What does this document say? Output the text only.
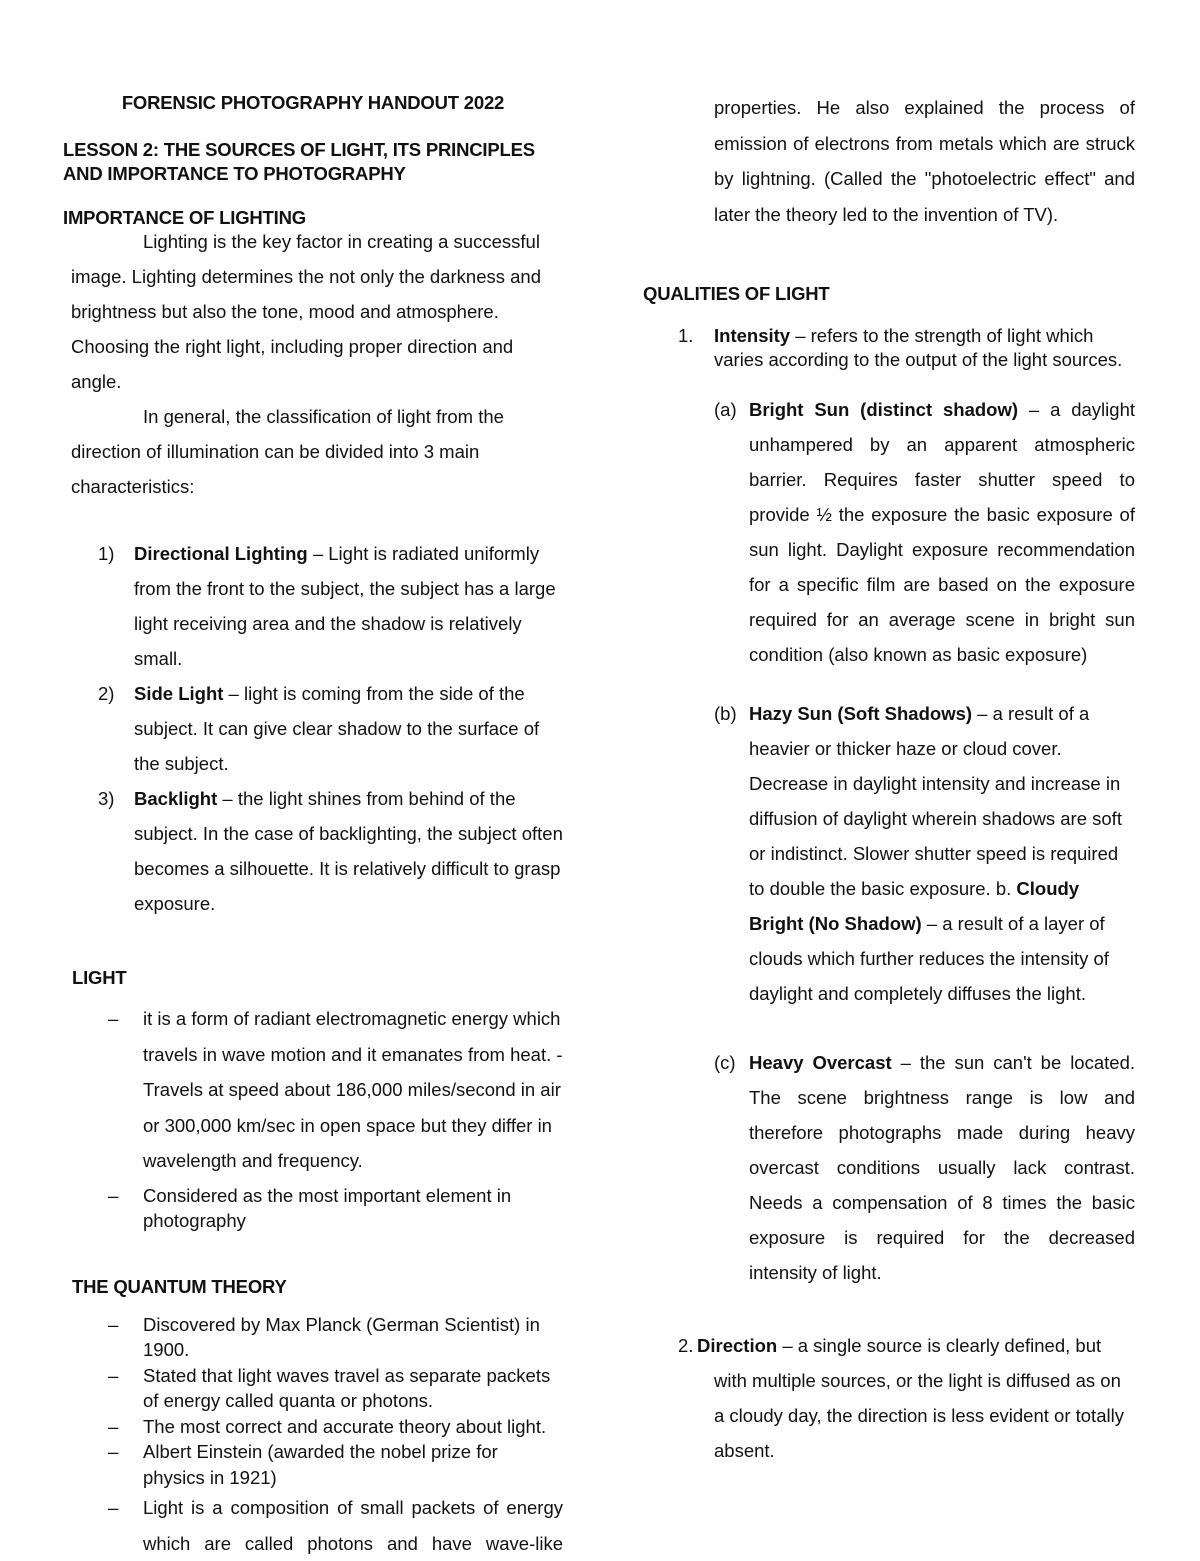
FORENSIC PHOTOGRAPHY HANDOUT 2022
LESSON 2: THE SOURCES OF LIGHT, ITS PRINCIPLES AND IMPORTANCE TO PHOTOGRAPHY
IMPORTANCE OF LIGHTING

Lighting is the key factor in creating a successful image. Lighting determines the not only the darkness and brightness but also the tone, mood and atmosphere. Choosing the right light, including proper direction and angle.

In general, the classification of light from the direction of illumination can be divided into 3 main characteristics:

1) Directional Lighting – Light is radiated uniformly from the front to the subject, the subject has a large light receiving area and the shadow is relatively small.
2) Side Light – light is coming from the side of the subject. It can give clear shadow to the surface of the subject.
3) Backlight – the light shines from behind of the subject. In the case of backlighting, the subject often becomes a silhouette. It is relatively difficult to grasp exposure.
LIGHT
– it is a form of radiant electromagnetic energy which travels in wave motion and it emanates from heat. - Travels at speed about 186,000 miles/second in air or 300,000 km/sec in open space but they differ in wavelength and frequency.
– Considered as the most important element in photography
THE QUANTUM THEORY
– Discovered by Max Planck (German Scientist) in 1900.
– Stated that light waves travel as separate packets of energy called quanta or photons.
– The most correct and accurate theory about light.
– Albert Einstein (awarded the nobel prize for physics in 1921)
– Light is a composition of small packets of energy which are called photons and have wave-like

properties. He also explained the process of emission of electrons from metals which are struck by lightning. (Called the "photoelectric effect" and later the theory led to the invention of TV).

QUALITIES OF LIGHT
1. Intensity – refers to the strength of light which varies according to the output of the light sources.
(a) Bright Sun (distinct shadow) – a daylight unhampered by an apparent atmospheric barrier. Requires faster shutter speed to provide ½ the exposure the basic exposure of sun light. Daylight exposure recommendation for a specific film are based on the exposure required for an average scene in bright sun condition (also known as basic exposure)
(b) Hazy Sun (Soft Shadows) – a result of a heavier or thicker haze or cloud cover. Decrease in daylight intensity and increase in diffusion of daylight wherein shadows are soft or indistinct. Slower shutter speed is required to double the basic exposure. b. Cloudy Bright (No Shadow) – a result of a layer of clouds which further reduces the intensity of daylight and completely diffuses the light.
(c) Heavy Overcast – the sun can't be located. The scene brightness range is low and therefore photographs made during heavy overcast conditions usually lack contrast. Needs a compensation of 8 times the basic exposure is required for the decreased intensity of light.
2. Direction – a single source is clearly defined, but with multiple sources, or the light is diffused as on a cloudy day, the direction is less evident or totally absent.
